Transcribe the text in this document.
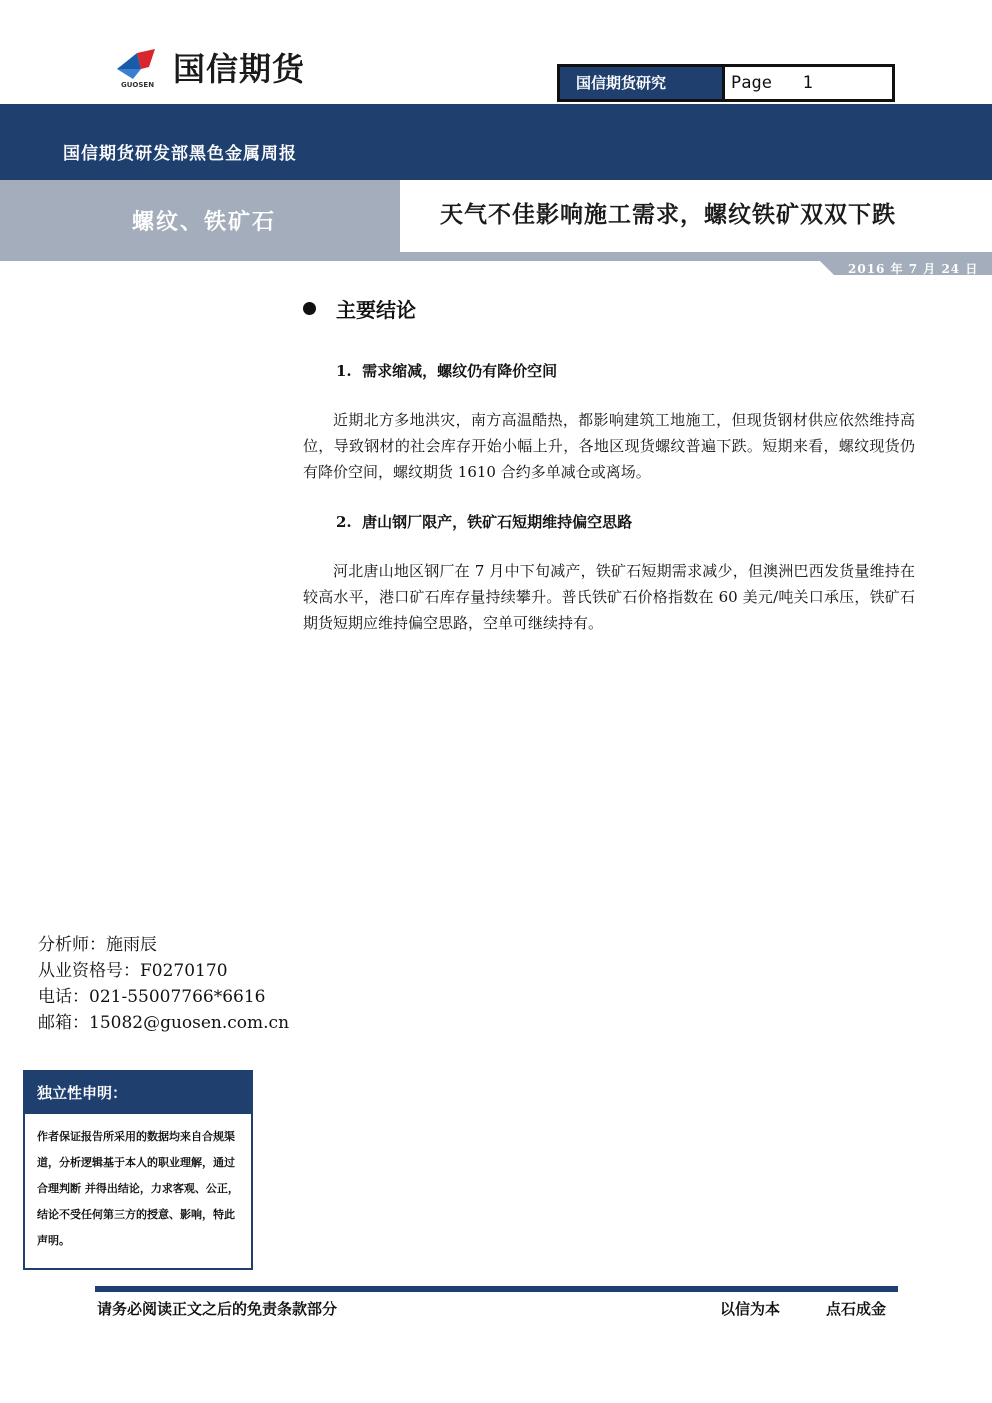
国信期货
GUOSEN	国信期货研究	Page   1
国信期货研发部黑色金属周报
螺纹、铁矿石	天气不佳影响施工需求，螺纹铁矿双双下跌
2016 年 7 月 24 日
主要结论
1.  需求缩减，螺纹仍有降价空间
近期北方多地洪灾，南方高温酷热，都影响建筑工地施工，但现货钢材供应依然维持高位，导致钢材的社会库存开始小幅上升，各地区现货螺纹普遍下跌。短期来看，螺纹现货仍有降价空间，螺纹期货 1610 合约多单减仓或离场。
2.  唐山钢厂限产，铁矿石短期维持偏空思路
河北唐山地区钢厂在 7 月中下旬减产，铁矿石短期需求减少，但澳洲巴西发货量维持在较高水平，港口矿石库存量持续攀升。普氏铁矿石价格指数在 60 美元/吨关口承压，铁矿石期货短期应维持偏空思路，空单可继续持有。
分析师：施雨辰
从业资格号：F0270170
电话：021-55007766*6616
邮箱：15082@guosen.com.cn
独立性申明：
作者保证报告所采用的数据均来自合规渠道，分析逻辑基于本人的职业理解，通过合理判断 并得出结论，力求客观、公正，结论不受任何第三方的授意、影响，特此声明。
请务必阅读正文之后的免责条款部分	以信为本	点石成金
